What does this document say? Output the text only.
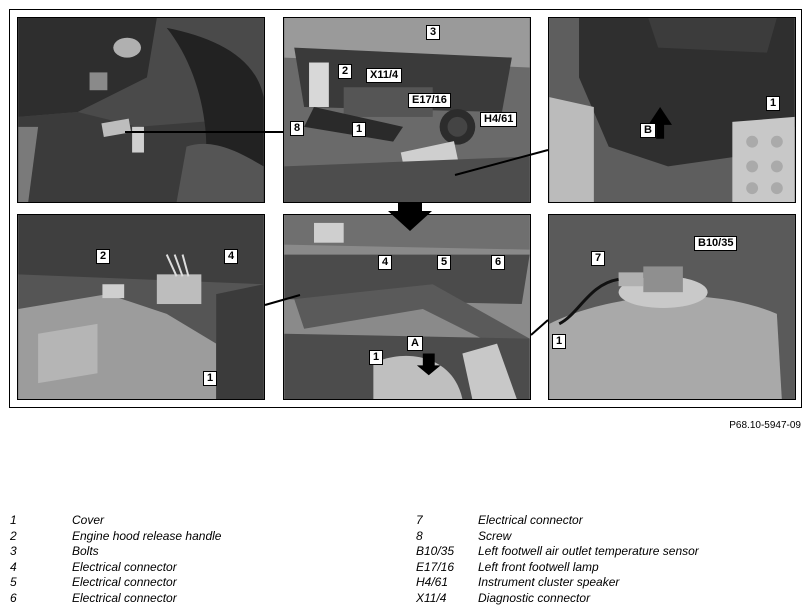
3
2	X11/4
E17/16
H4/61
8	1
1
B
2	4
1
4	5	6
1
A
7
B10/35
1
P68.10-5947-09
1	Cover
2	Engine hood release handle
3	Bolts
4	Electrical connector
5	Electrical connector
6	Electrical connector
7	Electrical connector
8	Screw
B10/35 Left footwell air outlet temperature sensor
E17/16 Left front footwell lamp
H4/61 Instrument cluster speaker
X11/4	Diagnostic connector
